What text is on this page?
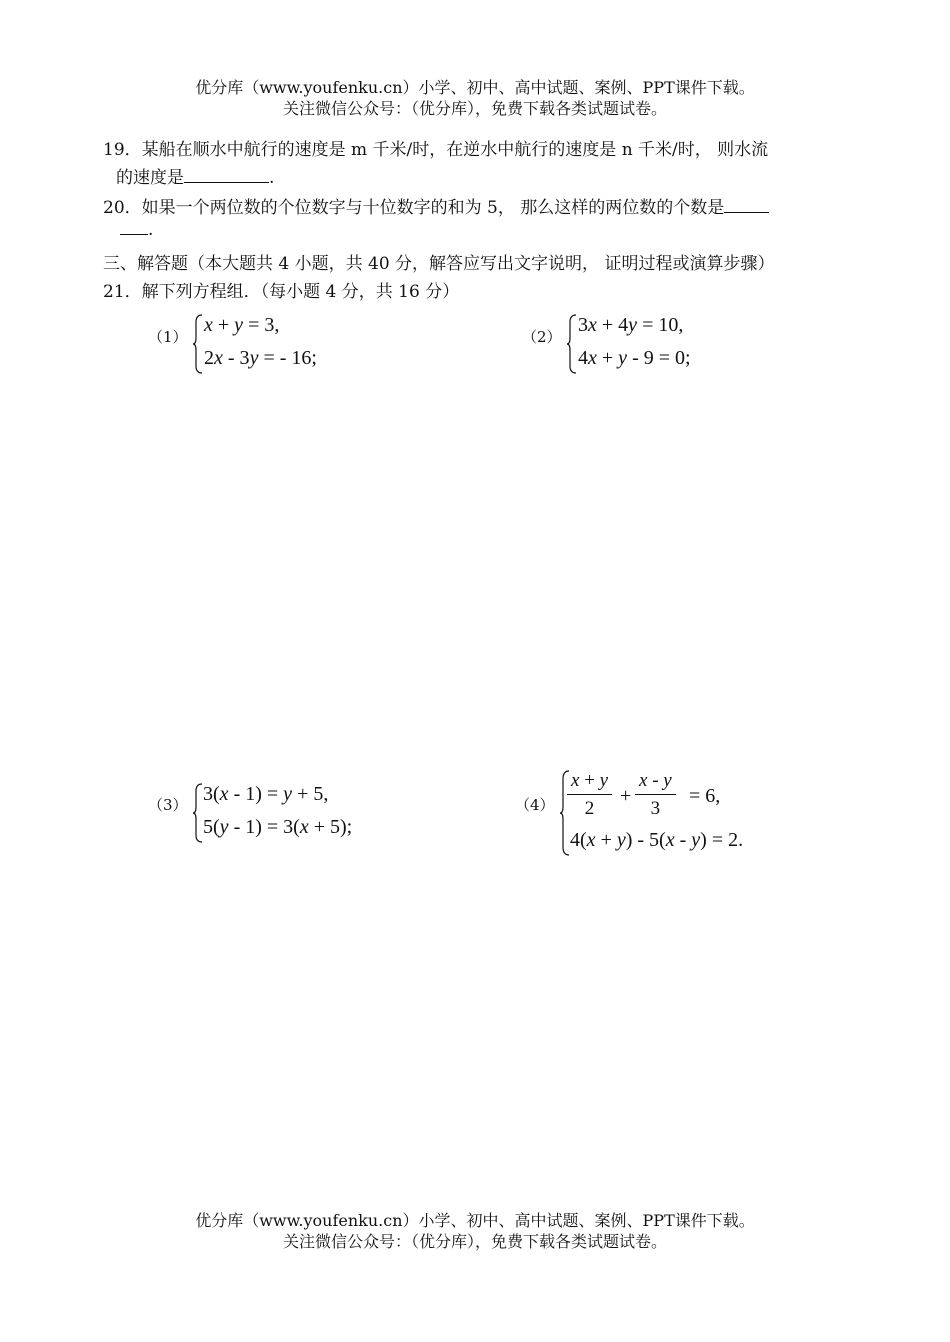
优分库（www.youfenku.cn）小学、初中、高中试题、案例、PPT课件下载。
关注微信公众号：（优分库），免费下载各类试题试卷。
19．某船在顺水中航行的速度是 m 千米/时，在逆水中航行的速度是 n 千米/时， 则水流
的速度是	.
20．如果一个两位数的个位数字与十位数字的和为 5， 那么这样的两位数的个数是
.
三、解答题（本大题共 4 小题，共 40 分，解答应写出文字说明， 证明过程或演算步骤）
21．解下列方程组．（每小题 4 分，共 16 分）
（1）
x + y = 3,
2x - 3y = - 16;
（2）
3x + 4y = 10,
4x + y - 9 = 0;
（3） 3(x - 1) = y + 5,
5(y - 1) = 3(x + 5);
$(4) \frac{x + y}{2} + \frac{x - y}{3} = 6$,
4(x + y) - 5(x - y) = 2.
优分库（www.youfenku.cn）小学、初中、高中试题、案例、PPT课件下载。
关注微信公众号：（优分库），免费下载各类试题试卷。
